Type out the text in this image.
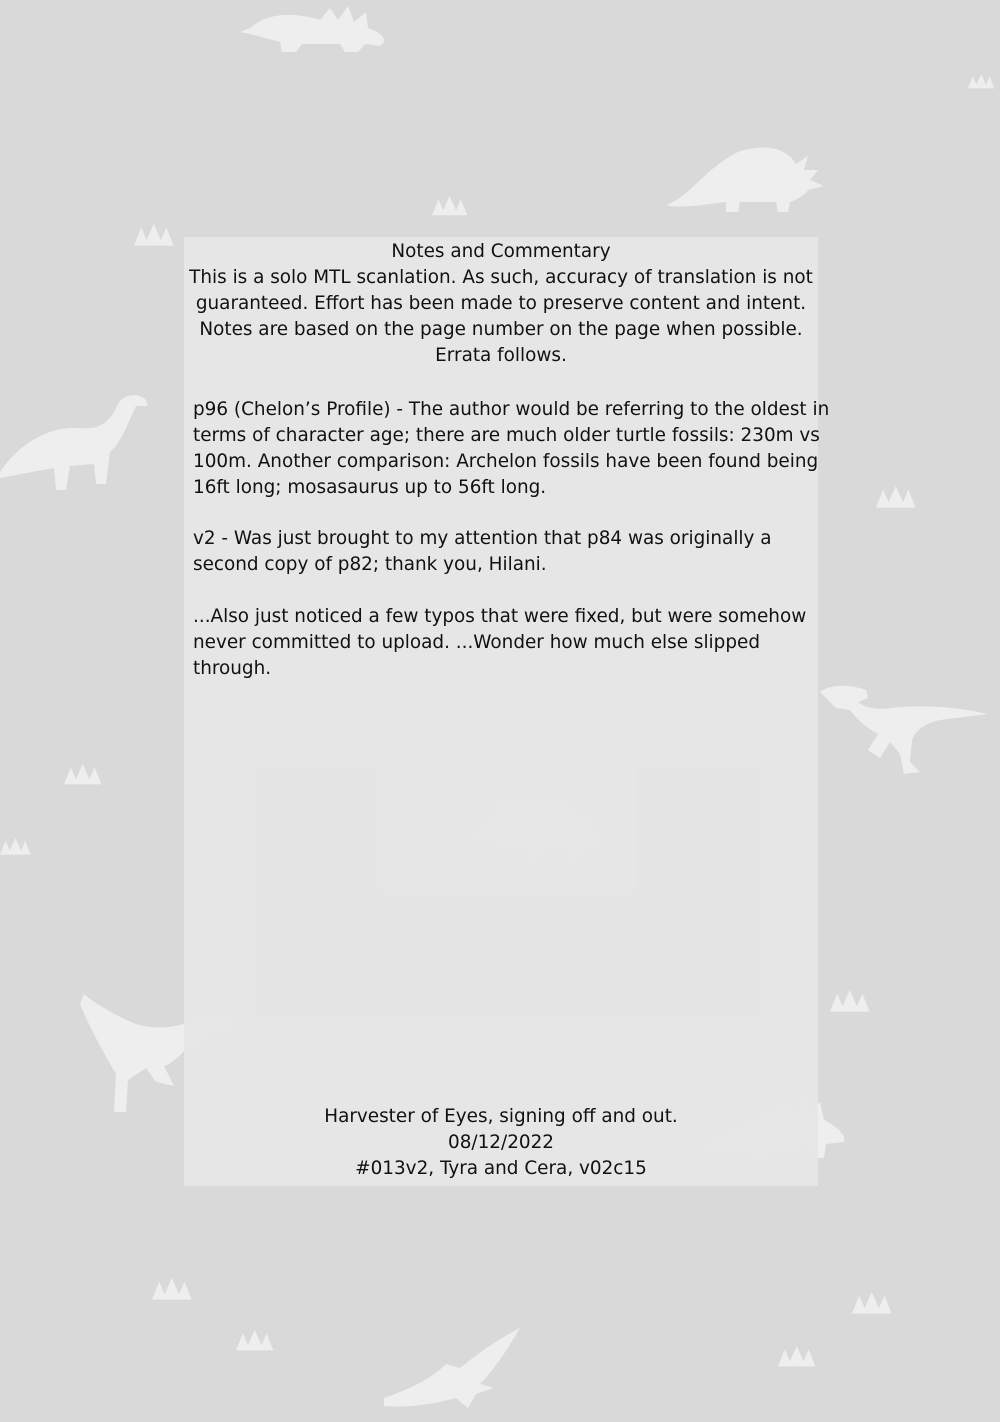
Notes and Commentary
This is a solo MTL scanlation. As such, accuracy of translation is not
guaranteed. Effort has been made to preserve content and intent.
Notes are based on the page number on the page when possible.
Errata follows.
p96 (Chelon’s Profile) - The author would be referring to the oldest in
terms of character age; there are much older turtle fossils: 230m vs
100m. Another comparison: Archelon fossils have been found being
16ft long; mosasaurus up to 56ft long.
v2 - Was just brought to my attention that p84 was originally a
second copy of p82; thank you, Hilani.
...Also just noticed a few typos that were fixed, but were somehow
never committed to upload. ...Wonder how much else slipped
through.
Harvester of Eyes, signing off and out.
08/12/2022
#013v2, Tyra and Cera, v02c15
